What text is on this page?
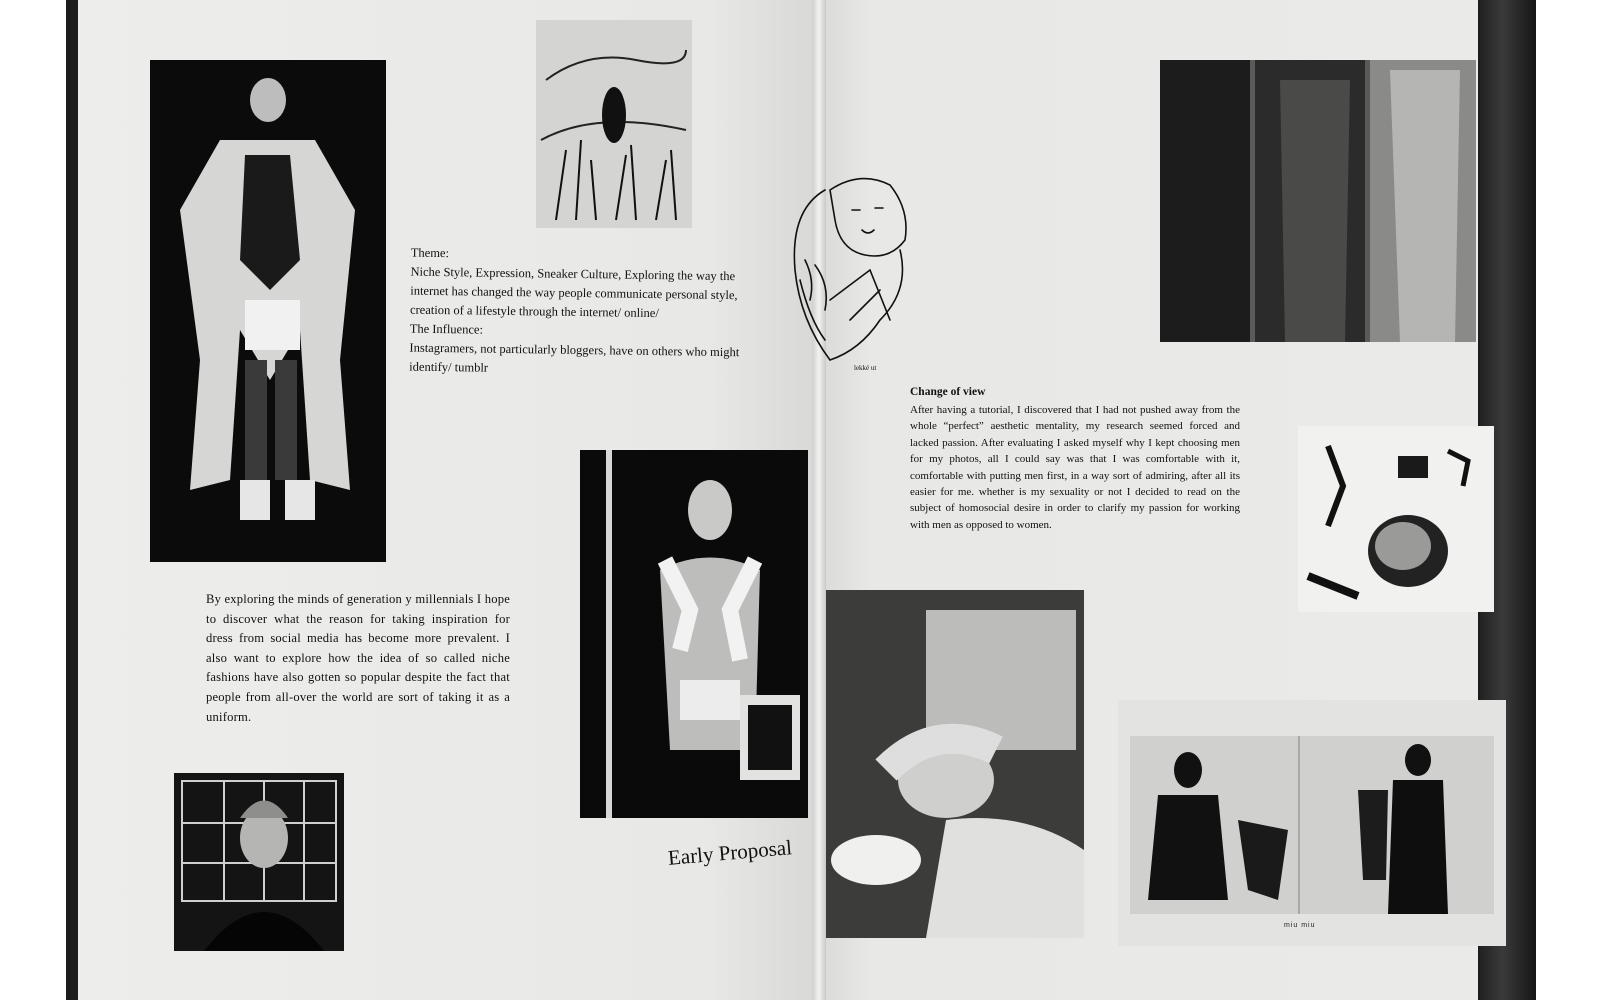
miu miu
lekké ut
Theme:
Niche Style, Expression, Sneaker Culture, Exploring the way the
internet has changed the way people communicate personal style,
creation of a lifestyle through the internet/ online/
The Influence:
Instagramers, not particularly bloggers, have on others who might
identify/ tumblr
By exploring the minds of generation y millennials I hope to discover what the reason for taking inspiration for dress from social media has become more prevalent. I also want to explore how the idea of so called niche fashions have also gotten so popular despite the fact that people from all-over the world are sort of taking it as a uniform.
Early Proposal
Change of view
After having a tutorial, I discovered that I had not pushed away from the whole “perfect” aesthetic mentality, my research seemed forced and lacked passion. After evaluating I asked myself why I kept choosing men for my photos, all I could say was that I was comfortable with it, comfortable with putting men first, in a way sort of admiring, after all its easier for me. whether is my sexuality or not I decided to read on the subject of homosocial desire in order to clarify my passion for working with men as opposed to women.
